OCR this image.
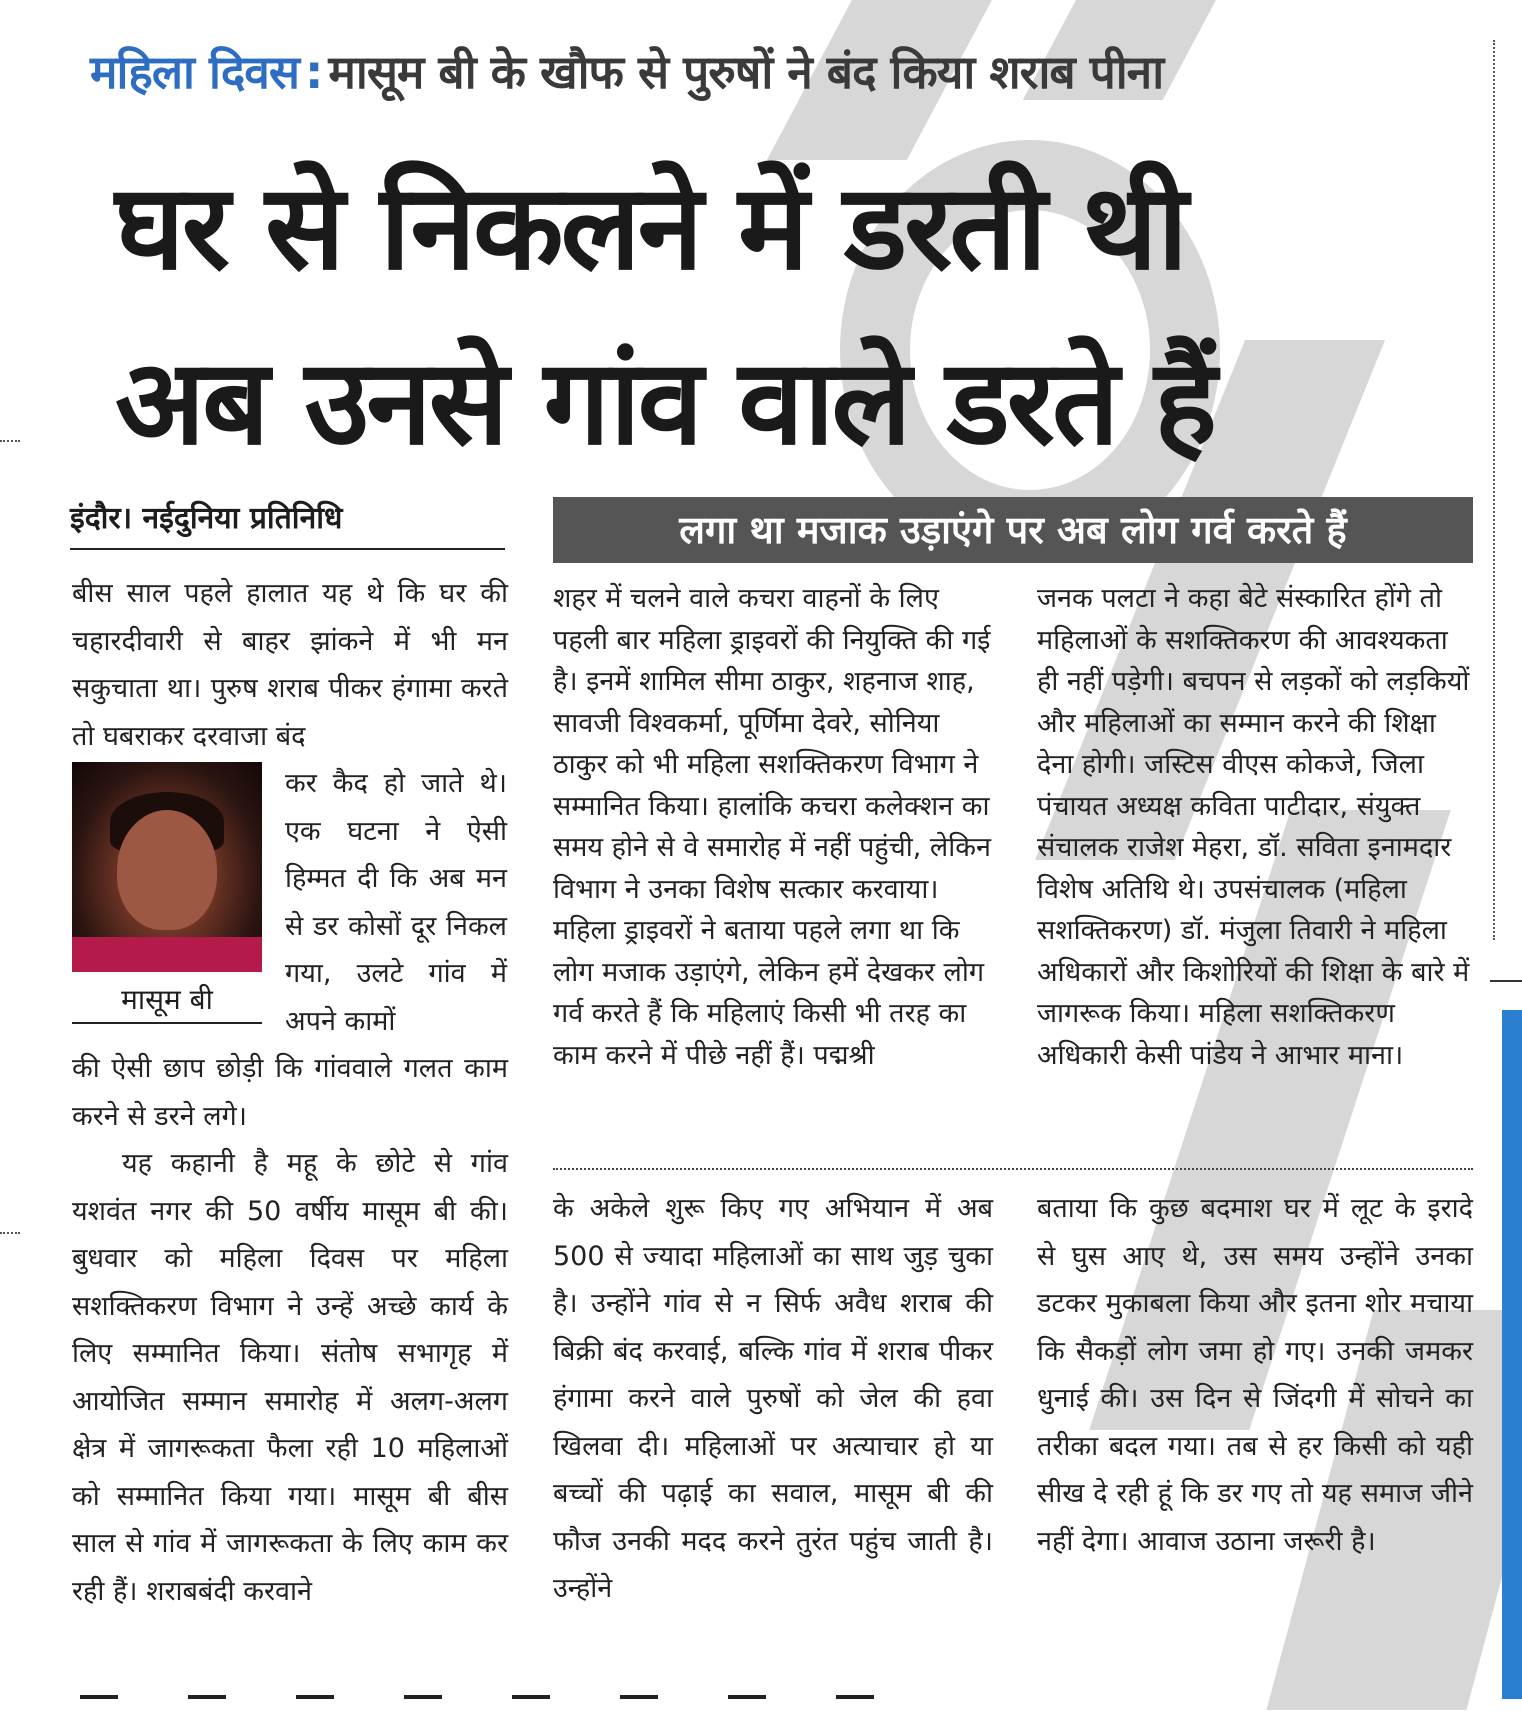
महिला दिवस : मासूम बी के खौफ से पुरुषों ने बंद किया शराब पीना
घर से निकलने में डरती थी
अब उनसे गांव वाले डरते हैं
इंदौर। नईदुनिया प्रतिनिधि
बीस साल पहले हालात यह थे कि घर की चहारदीवारी से बाहर झांकने में भी मन सकुचाता था। पुरुष शराब पीकर हंगामा करते तो घबराकर दरवाजा बंद
मासूम बी
कर कैद हो जाते थे। एक घटना ने ऐसी हिम्मत दी कि अब मन से डर कोसों दूर निकल गया, उलटे गांव में अपने कामों

की ऐसी छाप छोड़ी कि गांववाले गलत काम करने से डरने लगे।

यह कहानी है महू के छोटे से गांव यशवंत नगर की 50 वर्षीय मासूम बी की। बुधवार को महिला दिवस पर महिला सशक्तिकरण विभाग ने उन्हें अच्छे कार्य के लिए सम्मानित किया। संतोष सभागृह में आयोजित सम्मान समारोह में अलग-अलग क्षेत्र में जागरूकता फैला रही 10 महिलाओं को सम्मानित किया गया। मासूम बी बीस साल से गांव में जागरूकता के लिए काम कर रही हैं। शराबबंदी करवाने

लगा था मजाक उड़ाएंगे पर अब लोग गर्व करते हैं
शहर में चलने वाले कचरा वाहनों के लिए पहली बार महिला ड्राइवरों की नियुक्ति की गई है। इनमें शामिल सीमा ठाकुर, शहनाज शाह, सावजी विश्वकर्मा, पूर्णिमा देवरे, सोनिया ठाकुर को भी महिला सशक्तिकरण विभाग ने सम्मानित किया। हालांकि कचरा कलेक्शन का समय होने से वे समारोह में नहीं पहुंची, लेकिन विभाग ने उनका विशेष सत्कार करवाया। महिला ड्राइवरों ने बताया पहले लगा था कि लोग मजाक उड़ाएंगे, लेकिन हमें देखकर लोग गर्व करते हैं कि महिलाएं किसी भी तरह का काम करने में पीछे नहीं हैं। पद्मश्री
जनक पलटा ने कहा बेटे संस्कारित होंगे तो महिलाओं के सशक्तिकरण की आवश्यकता ही नहीं पड़ेगी। बचपन से लड़कों को लड़कियों और महिलाओं का सम्मान करने की शिक्षा देना होगी। जस्टिस वीएस कोकजे, जिला पंचायत अध्यक्ष कविता पाटीदार, संयुक्त संचालक राजेश मेहरा, डॉ. सविता इनामदार विशेष अतिथि थे। उपसंचालक (महिला सशक्तिकरण) डॉ. मंजुला तिवारी ने महिला अधिकारों और किशोरियों की शिक्षा के बारे में जागरूक किया। महिला सशक्तिकरण अधिकारी केसी पांडेय ने आभार माना।
के अकेले शुरू किए गए अभियान में अब 500 से ज्यादा महिलाओं का साथ जुड़ चुका है। उन्होंने गांव से न सिर्फ अवैध शराब की बिक्री बंद करवाई, बल्कि गांव में शराब पीकर हंगामा करने वाले पुरुषों को जेल की हवा खिलवा दी। महिलाओं पर अत्याचार हो या बच्चों की पढ़ाई का सवाल, मासूम बी की फौज उनकी मदद करने तुरंत पहुंच जाती है। उन्होंने
बताया कि कुछ बदमाश घर में लूट के इरादे से घुस आए थे, उस समय उन्होंने उनका डटकर मुकाबला किया और इतना शोर मचाया कि सैकड़ों लोग जमा हो गए। उनकी जमकर धुनाई की। उस दिन से जिंदगी में सोचने का तरीका बदल गया। तब से हर किसी को यही सीख दे रही हूं कि डर गए तो यह समाज जीने नहीं देगा। आवाज उठाना जरूरी है।
